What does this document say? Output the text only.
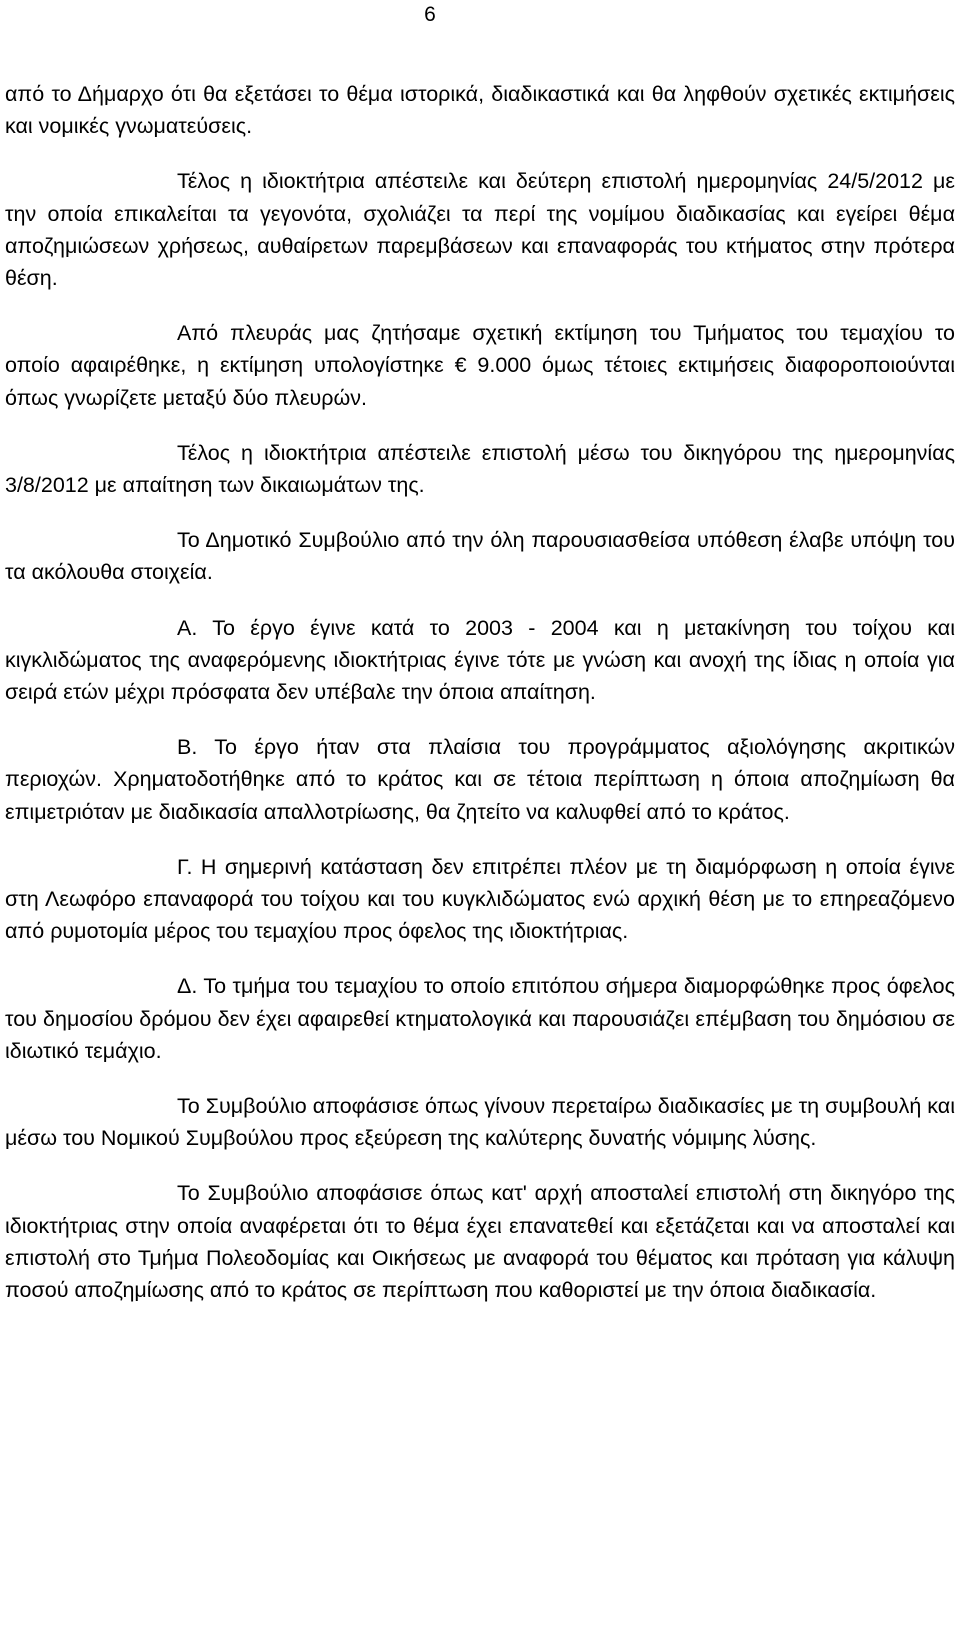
6

από το Δήμαρχο ότι θα εξετάσει το θέμα ιστορικά, διαδικαστικά και θα ληφθούν σχετικές εκτιμήσεις και νομικές γνωματεύσεις.

Τέλος η ιδιοκτήτρια απέστειλε και δεύτερη επιστολή ημερομηνίας 24/5/2012 με την οποία επικαλείται τα γεγονότα, σχολιάζει τα περί της νομίμου διαδικασίας και εγείρει θέμα αποζημιώσεων χρήσεως, αυθαίρετων παρεμβάσεων και επαναφοράς του κτήματος στην πρότερα θέση.

Από πλευράς μας ζητήσαμε σχετική εκτίμηση του Τμήματος του τεμαχίου το οποίο αφαιρέθηκε, η εκτίμηση υπολογίστηκε € 9.000 όμως τέτοιες εκτιμήσεις διαφοροποιούνται όπως γνωρίζετε μεταξύ δύο πλευρών.

Τέλος η ιδιοκτήτρια απέστειλε επιστολή μέσω του δικηγόρου της ημερομηνίας 3/8/2012 με απαίτηση των δικαιωμάτων της.

Το Δημοτικό Συμβούλιο από την όλη παρουσιασθείσα υπόθεση έλαβε υπόψη του τα ακόλουθα στοιχεία.

Α. Το έργο έγινε κατά το 2003 - 2004 και η μετακίνηση του τοίχου και κιγκλιδώματος της αναφερόμενης ιδιοκτήτριας έγινε τότε με γνώση και ανοχή της ίδιας η οποία για σειρά ετών μέχρι πρόσφατα δεν υπέβαλε την όποια απαίτηση.

Β. Το έργο ήταν στα πλαίσια του προγράμματος αξιολόγησης ακριτικών περιοχών. Χρηματοδοτήθηκε από το κράτος και σε τέτοια περίπτωση η όποια αποζημίωση θα επιμετριόταν με διαδικασία απαλλοτρίωσης, θα ζητείτο να καλυφθεί από το κράτος.

Γ. Η σημερινή κατάσταση δεν επιτρέπει πλέον με τη διαμόρφωση η οποία έγινε στη Λεωφόρο επαναφορά του τοίχου και του κυγκλιδώματος ενώ αρχική θέση με το επηρεαζόμενο από ρυμοτομία μέρος του τεμαχίου προς όφελος της ιδιοκτήτριας.

Δ. Το τμήμα του τεμαχίου το οποίο επιτόπου σήμερα διαμορφώθηκε προς όφελος του δημοσίου δρόμου δεν έχει αφαιρεθεί κτηματολογικά και παρουσιάζει επέμβαση του δημόσιου σε ιδιωτικό τεμάχιο.

Το Συμβούλιο αποφάσισε όπως γίνουν περεταίρω διαδικασίες με τη συμβουλή και μέσω του Νομικού Συμβούλου προς εξεύρεση της καλύτερης δυνατής νόμιμης λύσης.

Το Συμβούλιο αποφάσισε όπως κατ' αρχή αποσταλεί επιστολή στη δικηγόρο της ιδιοκτήτριας στην οποία αναφέρεται ότι το θέμα έχει επανατεθεί και εξετάζεται και να αποσταλεί και επιστολή στο Τμήμα Πολεοδομίας και Οικήσεως με αναφορά του θέματος και πρόταση για κάλυψη ποσού αποζημίωσης από το κράτος σε περίπτωση που καθοριστεί με την όποια διαδικασία.
